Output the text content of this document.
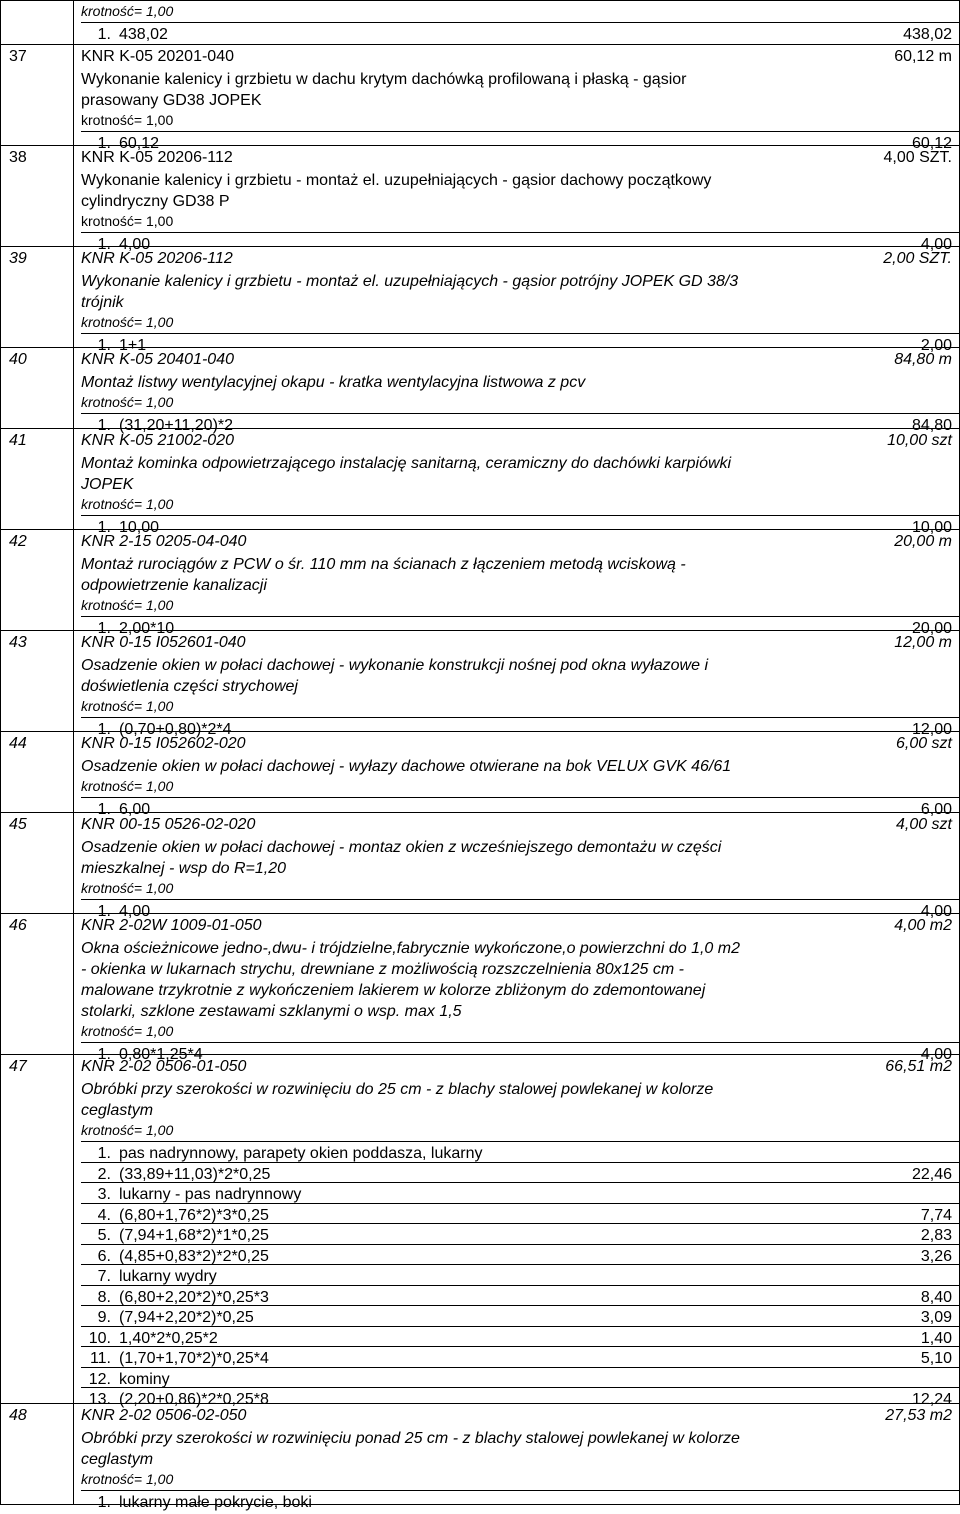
krotność= 1,00
1. 438,02	438,02
37	KNR K-05 20201-040	60,12 m
Wykonanie kalenicy i grzbietu w dachu krytym dachówką profilowaną i płaską - gąsior
prasowany GD38 JOPEK
krotność= 1,00
1. 60,12	60,12
38	KNR K-05 20206-112	4,00 SZT.
Wykonanie kalenicy i grzbietu - montaż el. uzupełniających - gąsior dachowy początkowy
cylindryczny GD38 P
krotność= 1,00
1. 4,00	4,00
39	KNR K-05 20206-112	2,00 SZT.
Wykonanie kalenicy i grzbietu - montaż el. uzupełniających - gąsior potrójny JOPEK GD 38/3
trójnik
krotność= 1,00
1. 1+1	2,00
40	KNR K-05 20401-040	84,80 m
Montaż listwy wentylacyjnej okapu - kratka wentylacyjna listwowa z pcv
krotność= 1,00
1. (31,20+11,20)*2	84,80
41	KNR K-05 21002-020	10,00 szt
Montaż kominka odpowietrzającego instalację sanitarną, ceramiczny do dachówki karpiówki
JOPEK
krotność= 1,00
1. 10,00	10,00
42	KNR 2-15 0205-04-040	20,00 m
Montaż rurociągów z PCW o śr. 110 mm na ścianach z łączeniem metodą wciskową -
odpowietrzenie kanalizacji
krotność= 1,00
1. 2,00*10	20,00
43	KNR 0-15 I052601-040	12,00 m
Osadzenie okien w połaci dachowej - wykonanie konstrukcji nośnej pod okna wyłazowe i
doświetlenia części strychowej
krotność= 1,00
1. (0,70+0,80)*2*4	12,00
44	KNR 0-15 I052602-020	6,00 szt
Osadzenie okien w połaci dachowej - wyłazy dachowe otwierane na bok VELUX GVK 46/61
krotność= 1,00
1. 6,00	6,00
45	KNR 00-15 0526-02-020	4,00 szt
Osadzenie okien w połaci dachowej - montaz okien z wcześniejszego demontażu w części
mieszkalnej - wsp do R=1,20
krotność= 1,00
1. 4,00	4,00
46	KNR 2-02W 1009-01-050	4,00 m2
Okna ościeżnicowe jedno-,dwu- i trójdzielne,fabrycznie wykończone,o powierzchni do 1,0 m2
- okienka w lukarnach strychu, drewniane z możliwością rozszczelnienia 80x125 cm -
malowane trzykrotnie z wykończeniem lakierem w kolorze zbliżonym do zdemontowanej
stolarki, szklone zestawami szklanymi o wsp. max 1,5
krotność= 1,00
1. 0,80*1,25*4	4,00
47	KNR 2-02 0506-01-050	66,51 m2
Obróbki przy szerokości w rozwinięciu do 25 cm - z blachy stalowej powlekanej w kolorze
ceglastym
krotność= 1,00
1. pas nadrynnowy, parapety okien poddasza, lukarny
2. (33,89+11,03)*2*0,25	22,46
3. lukarny - pas nadrynnowy
4. (6,80+1,76*2)*3*0,25	7,74
5. (7,94+1,68*2)*1*0,25	2,83
6. (4,85+0,83*2)*2*0,25	3,26
7. lukarny wydry
8. (6,80+2,20*2)*0,25*3	8,40
9. (7,94+2,20*2)*0,25	3,09
10. 1,40*2*0,25*2	1,40
11. (1,70+1,70*2)*0,25*4	5,10
12. kominy
13. (2,20+0,86)*2*0,25*8	12,24
48	KNR 2-02 0506-02-050	27,53 m2
Obróbki przy szerokości w rozwinięciu ponad 25 cm - z blachy stalowej powlekanej w kolorze
ceglastym
krotność= 1,00
1. lukarny małe pokrycie, boki
